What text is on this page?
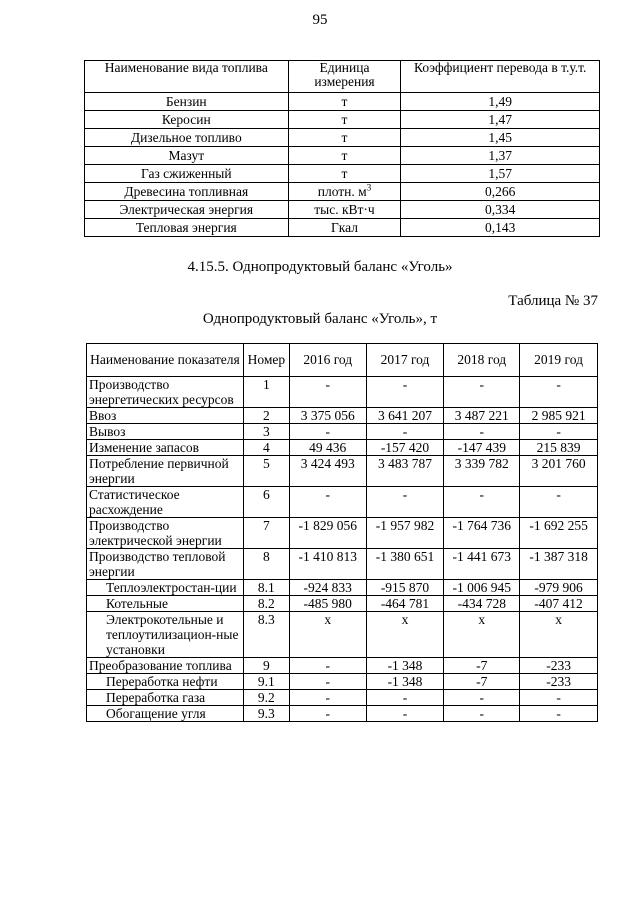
95
Наименование вида топлива	Единица измерения	Коэффициент перевода в т.у.т.
Бензин	т	1,49
Керосин	т	1,47
Дизельное топливо	т	1,45
Мазут	т	1,37
Газ сжиженный	т	1,57
Древесина топливная	плотн. $м^3$	0,266
Электрическая энергия	тыс. кВт·ч	0,334
Тепловая энергия	Гкал	0,143
4.15.5. Однопродуктовый баланс «Уголь»
Таблица № 37
Однопродуктовый баланс «Уголь», т
Наименование показателя	Номер	2016 год	2017 год	2018 год	2019 год
Производство энергетических ресурсов	1	-	-	-	-
Ввоз	2	3 375 056	3 641 207	3 487 221	2 985 921
Вывоз	3	-	-	-	-
Изменение запасов	4	49 436	-157 420	-147 439	215 839
Потребление первичной энергии	5	3 424 493	3 483 787	3 339 782	3 201 760
Статистическое расхождение	6	-	-	-	-
Производство электрической энергии	7	-1 829 056	-1 957 982	-1 764 736	-1 692 255
Производство тепловой энергии	8	-1 410 813	-1 380 651	-1 441 673	-1 387 318
Теплоэлектростан-ции	8.1	-924 833	-915 870	-1 006 945	-979 906
Котельные	8.2	-485 980	-464 781	-434 728	-407 412
Электрокотельные и теплоутилизацион-ные установки	8.3	х	х	х	х
Преобразование топлива	9	-	-1 348	-7	-233
Переработка нефти	9.1	-	-1 348	-7	-233
Переработка газа	9.2	-	-	-	-
Обогащение угля	9.3	-	-	-	-
